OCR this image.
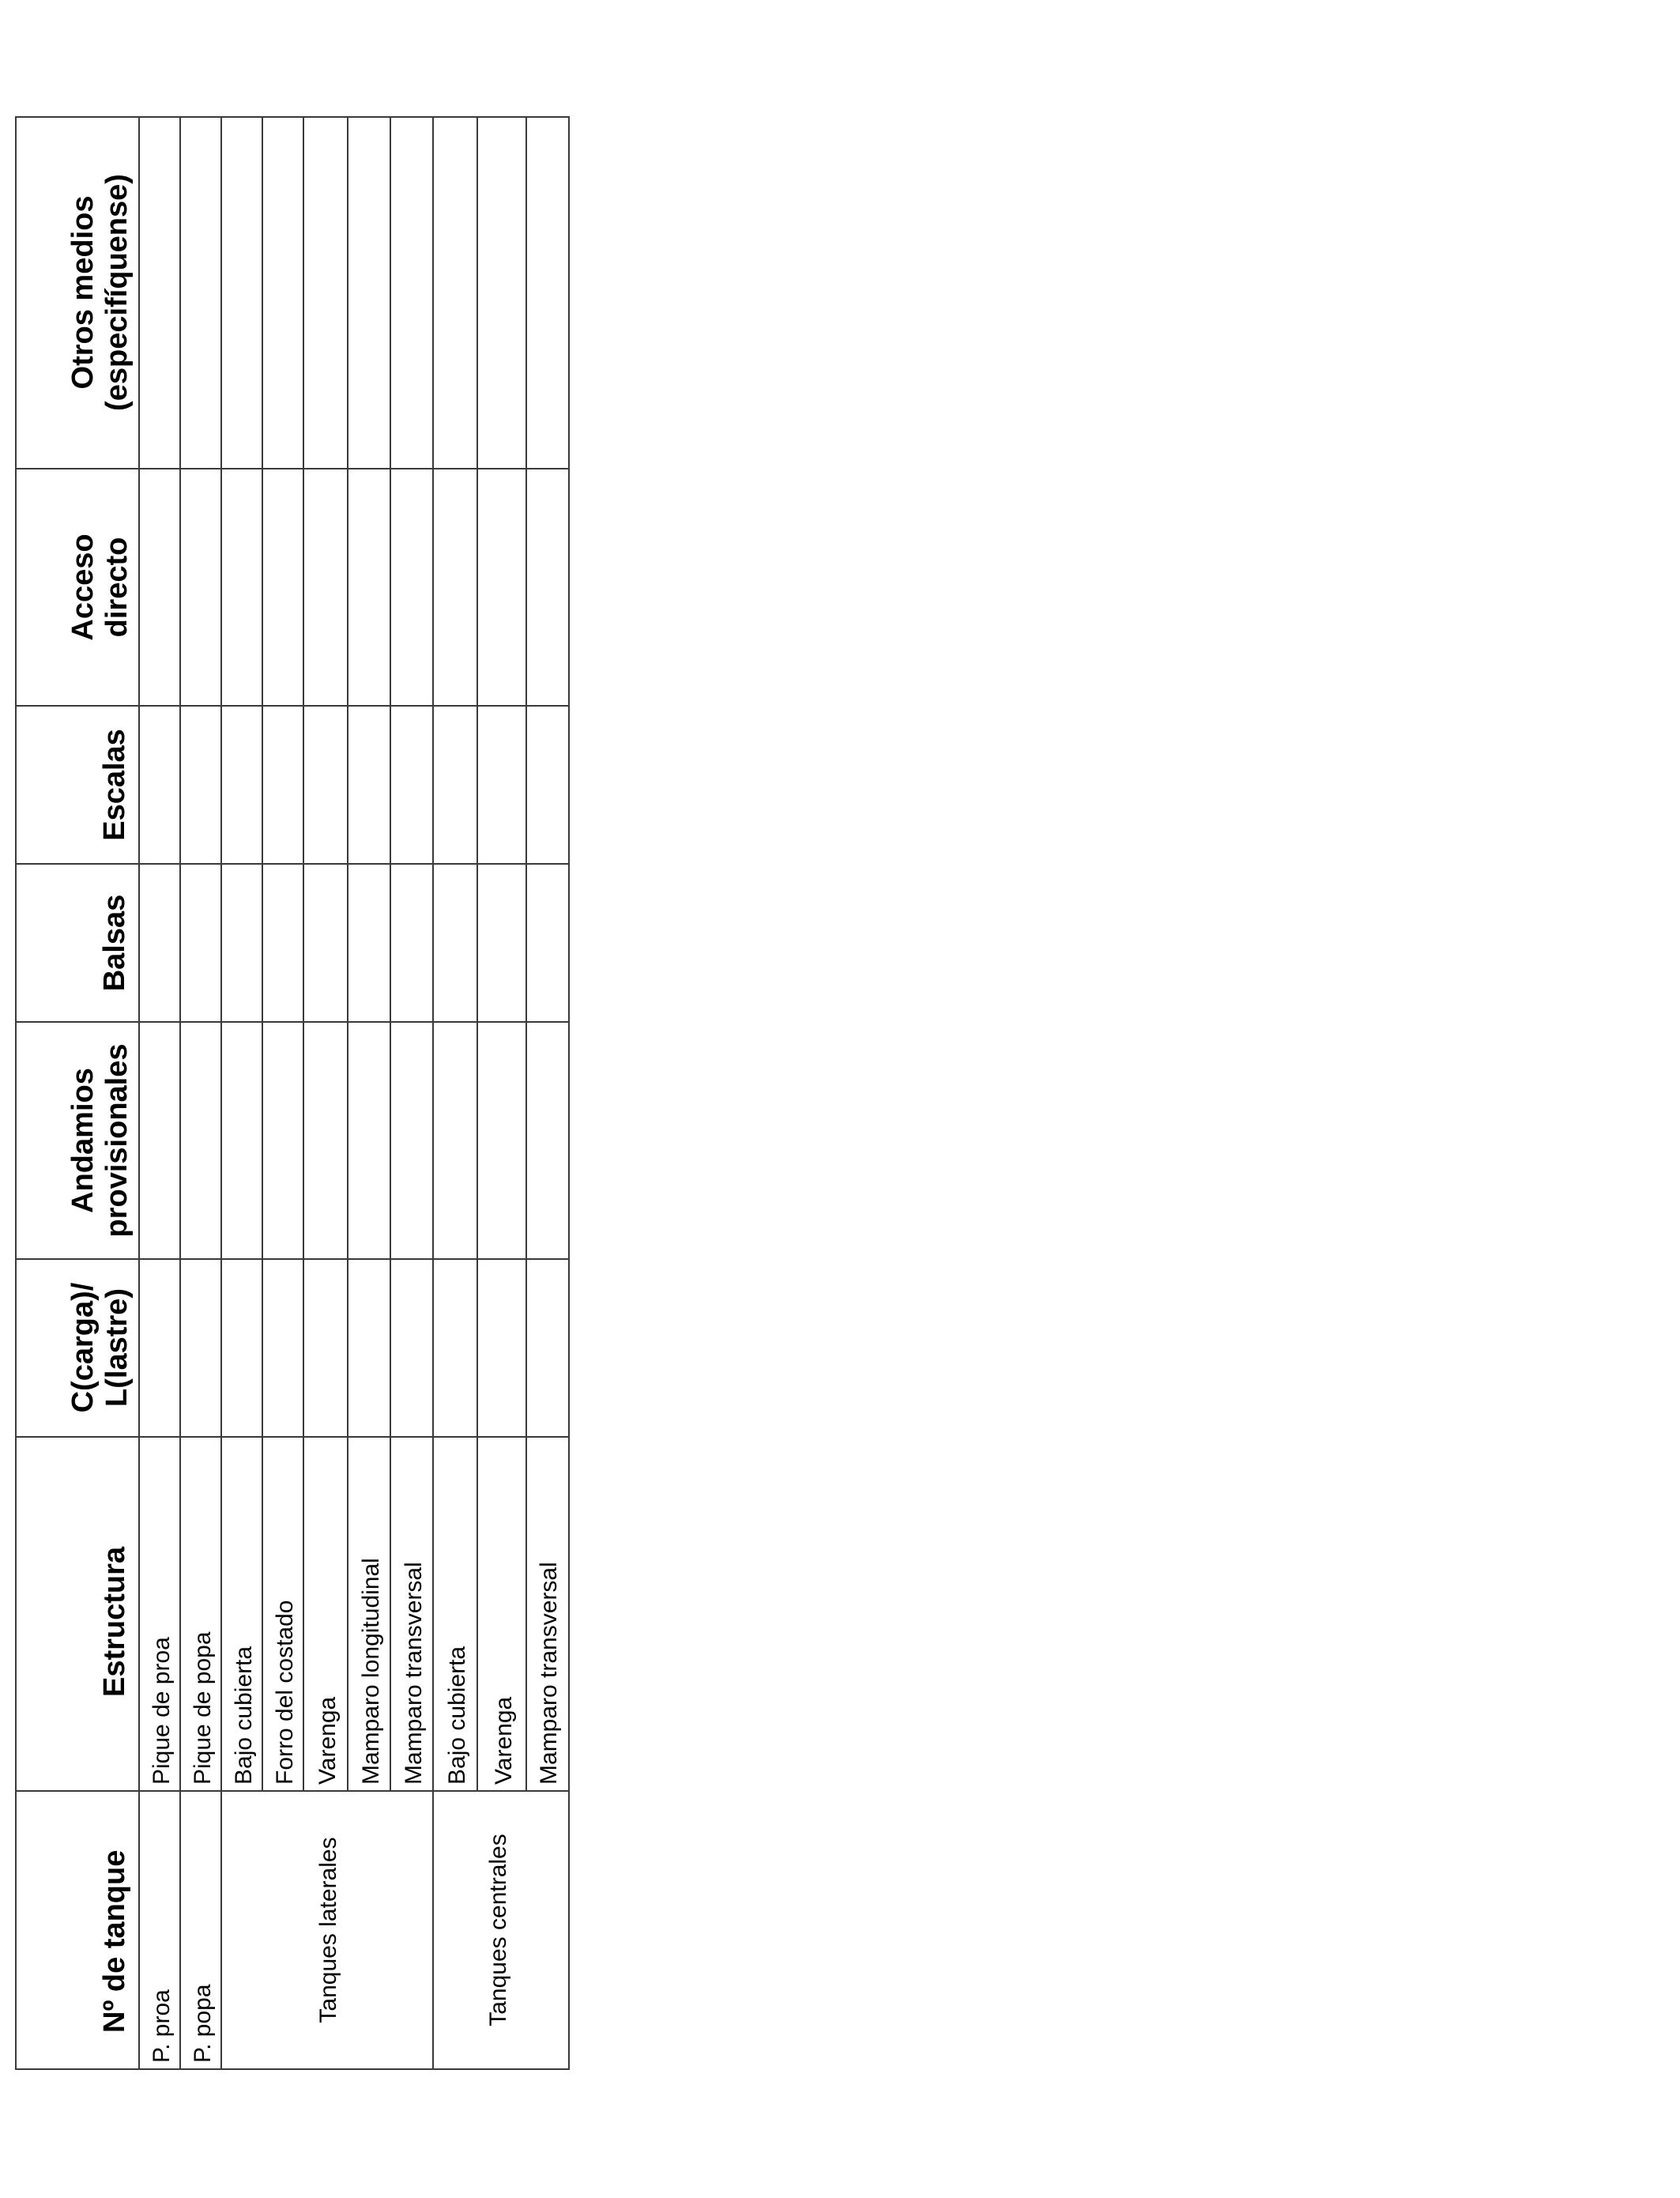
Nº de tanque
Estructura
C(carga)/ L(lastre)
Andamios provisionales
Balsas
Escalas
Acceso directo
Otros medios (especifíquense)
P. proa P. popa
Tanques laterales	Tanques centrales
Pique de proa Pique de popa Bajo cubierta Forro del costado Varenga Mamparo longitudinal Mamparo transversal Bajo cubierta Varenga Mamparo transversal
